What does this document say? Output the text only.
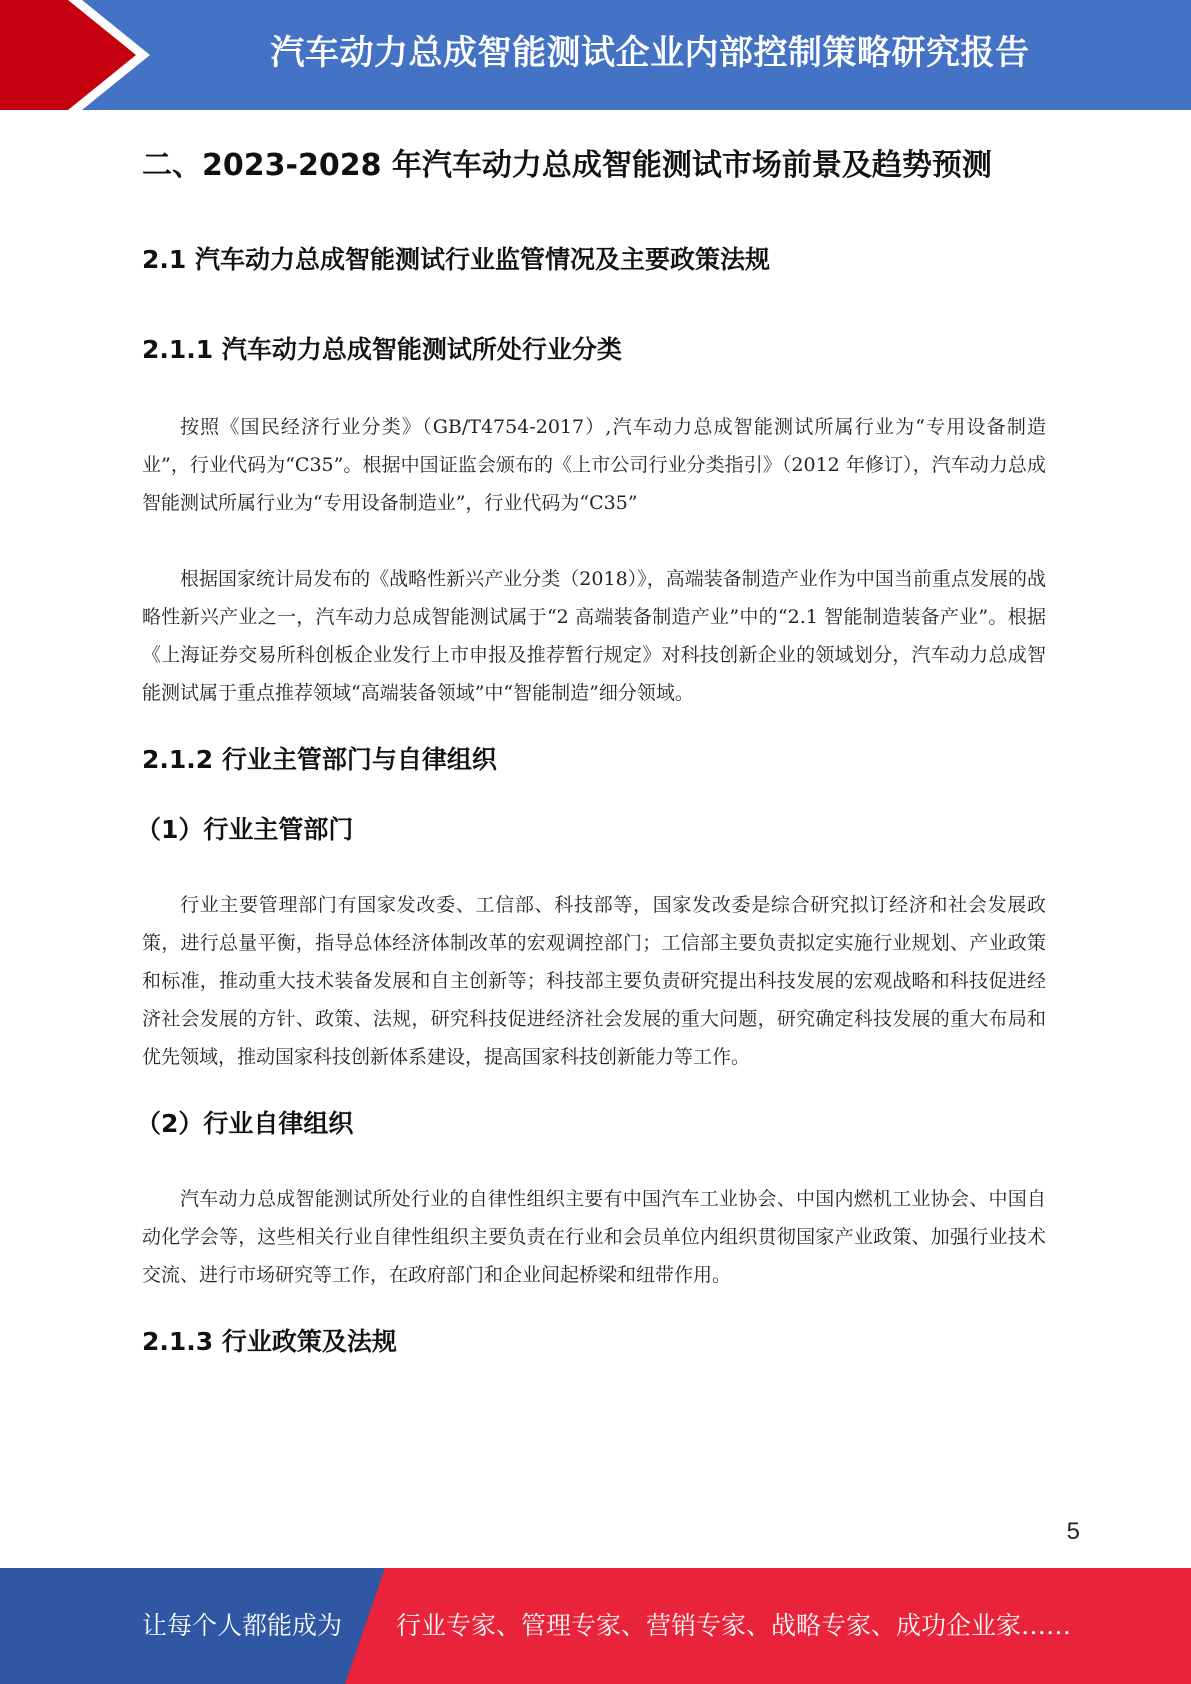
汽车动力总成智能测试企业内部控制策略研究报告
二、2023-2028 年汽车动力总成智能测试市场前景及趋势预测
2.1 汽车动力总成智能测试行业监管情况及主要政策法规
2.1.1 汽车动力总成智能测试所处行业分类

按照《国民经济行业分类》（GB/T4754-2017）,汽车动力总成智能测试所属行业为“专用设备制造业”，行业代码为“C35”。根据中国证监会颁布的《上市公司行业分类指引》（2012 年修订），汽车动力总成智能测试所属行业为“专用设备制造业”，行业代码为“C35”

根据国家统计局发布的《战略性新兴产业分类（2018）》，高端装备制造产业作为中国当前重点发展的战略性新兴产业之一，汽车动力总成智能测试属于“2 高端装备制造产业”中的“2.1 智能制造装备产业”。根据《上海证券交易所科创板企业发行上市申报及推荐暂行规定》对科技创新企业的领域划分，汽车动力总成智能测试属于重点推荐领域“高端装备领域”中“智能制造”细分领域。

2.1.2 行业主管部门与自律组织
（1）行业主管部门

行业主要管理部门有国家发改委、工信部、科技部等，国家发改委是综合研究拟订经济和社会发展政策，进行总量平衡，指导总体经济体制改革的宏观调控部门；工信部主要负责拟定实施行业规划、产业政策和标准，推动重大技术装备发展和自主创新等；科技部主要负责研究提出科技发展的宏观战略和科技促进经济社会发展的方针、政策、法规，研究科技促进经济社会发展的重大问题，研究确定科技发展的重大布局和优先领域，推动国家科技创新体系建设，提高国家科技创新能力等工作。

（2）行业自律组织

汽车动力总成智能测试所处行业的自律性组织主要有中国汽车工业协会、中国内燃机工业协会、中国自动化学会等，这些相关行业自律性组织主要负责在行业和会员单位内组织贯彻国家产业政策、加强行业技术交流、进行市场研究等工作，在政府部门和企业间起桥梁和纽带作用。

2.1.3 行业政策及法规
5
让每个人都能成为 行业专家、管理专家、营销专家、战略专家、成功企业家……
